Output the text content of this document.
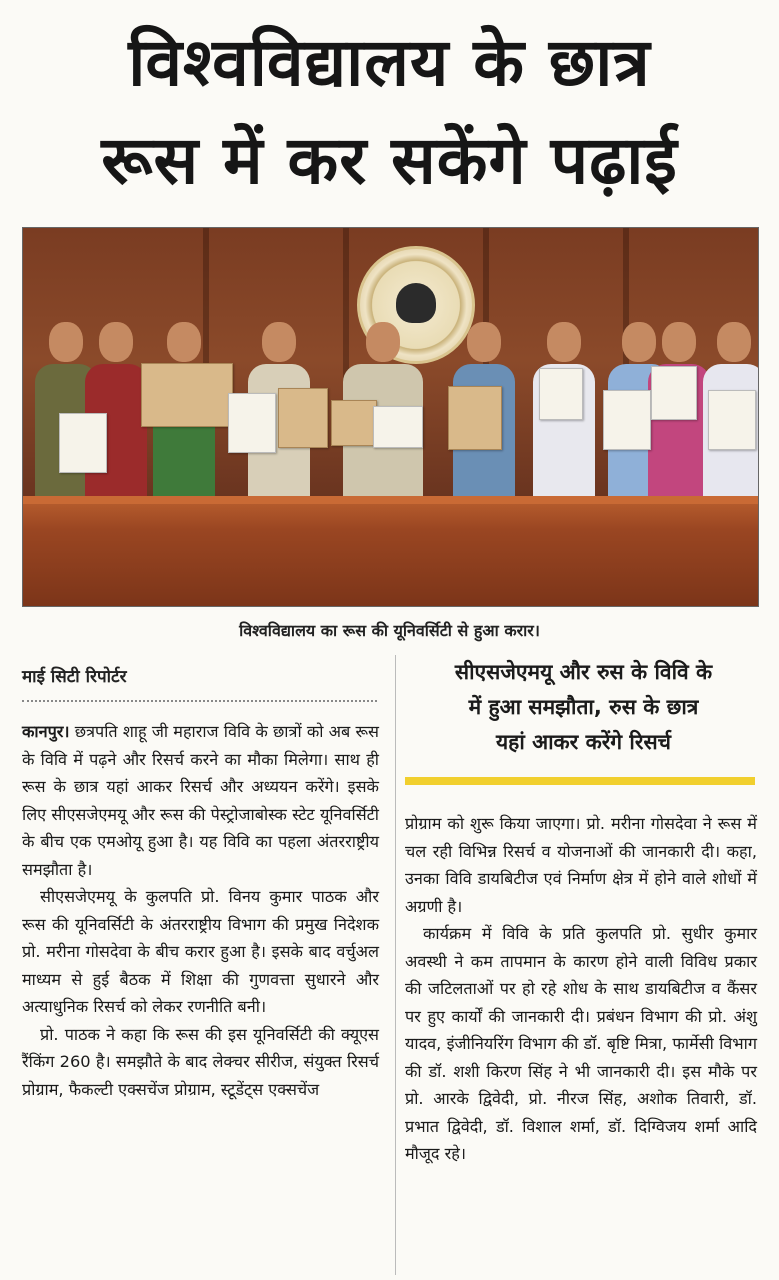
विश्वविद्यालय के छात्र
रूस में कर सकेंगे पढ़ाई
विश्वविद्यालय का रूस की यूनिवर्सिटी से हुआ करार।
माई सिटी रिपोर्टर	सीएसजेएमयू और रुस के विवि के
में हुआ समझौता, रुस के छात्र
यहां आकर करेंगे रिसर्च

कानपुर। छत्रपति शाहू जी महाराज विवि के छात्रों को अब रूस के विवि में पढ़ने और रिसर्च करने का मौका मिलेगा। साथ ही रूस के छात्र यहां आकर रिसर्च और अध्ययन करेंगे। इसके लिए सीएसजेएमयू और रूस की पेस्ट्रोजाबोस्क स्टेट यूनिवर्सिटी के बीच एक एमओयू हुआ है। यह विवि का पहला अंतरराष्ट्रीय समझौता है।

सीएसजेएमयू के कुलपति प्रो. विनय कुमार पाठक और रूस की यूनिवर्सिटी के अंतरराष्ट्रीय विभाग की प्रमुख निदेशक प्रो. मरीना गोसदेवा के बीच करार हुआ है। इसके बाद वर्चुअल माध्यम से हुई बैठक में शिक्षा की गुणवत्ता सुधारने और अत्याधुनिक रिसर्च को लेकर रणनीति बनी।

प्रो. पाठक ने कहा कि रूस की इस यूनिवर्सिटी की क्यूएस रैंकिंग 260 है। समझौते के बाद लेक्चर सीरीज, संयुक्त रिसर्च प्रोग्राम, फैकल्टी एक्सचेंज प्रोग्राम, स्टूडेंट्स एक्सचेंज

प्रोग्राम को शुरू किया जाएगा। प्रो. मरीना गोसदेवा ने रूस में चल रही विभिन्न रिसर्च व योजनाओं की जानकारी दी। कहा, उनका विवि डायबिटीज एवं निर्माण क्षेत्र में होने वाले शोधों में अग्रणी है।

कार्यक्रम में विवि के प्रति कुलपति प्रो. सुधीर कुमार अवस्थी ने कम तापमान के कारण होने वाली विविध प्रकार की जटिलताओं पर हो रहे शोध के साथ डायबिटीज व कैंसर पर हुए कार्यों की जानकारी दी। प्रबंधन विभाग की प्रो. अंशु यादव, इंजीनियरिंग विभाग की डॉ. बृष्टि मित्रा, फार्मेसी विभाग की डॉ. शशी किरण सिंह ने भी जानकारी दी। इस मौके पर प्रो. आरके द्विवेदी, प्रो. नीरज सिंह, अशोक तिवारी, डॉ. प्रभात द्विवेदी, डॉ. विशाल शर्मा, डॉ. दिग्विजय शर्मा आदि मौजूद रहे।
